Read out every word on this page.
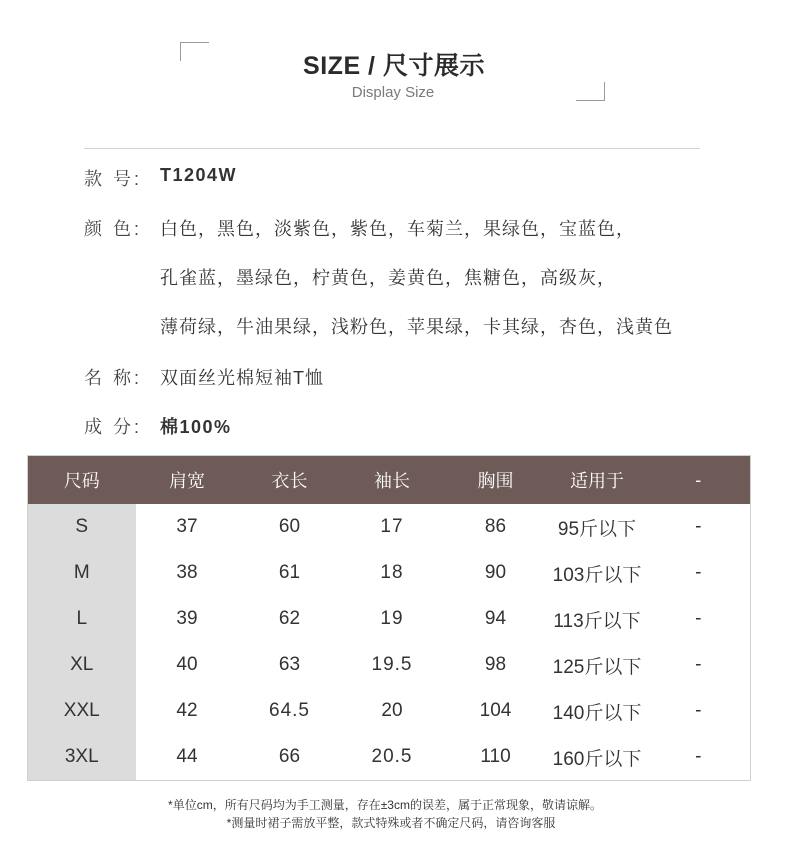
SIZE / 尺寸展示
Display Size
款 号: T1204W
颜 色: 白色，黑色，淡紫色，紫色，车菊兰，果绿色，宝蓝色，
孔雀蓝，墨绿色，柠黄色，姜黄色，焦糖色，高级灰，
薄荷绿，牛油果绿，浅粉色，苹果绿，卡其绿，杏色，浅黄色
名 称: 双面丝光棉短袖T恤
成 分: 棉100%
尺码	肩宽	衣长	袖长	胸围	适用于	-
S	37	60	17	86	95斤以下	-
M	38	61	18	90	103斤以下	-
L	39	62	19	94	113斤以下	-
XL	40	63	19.5	98	125斤以下	-
XXL	42	64.5	20	104	140斤以下	-
3XL	44	66	20.5	110	160斤以下	-
*单位cm，所有尺码均为手工测量，存在±3cm的误差，属于正常现象，敬请谅解。
*测量时裙子需放平整，款式特殊或者不确定尺码，请咨询客服
